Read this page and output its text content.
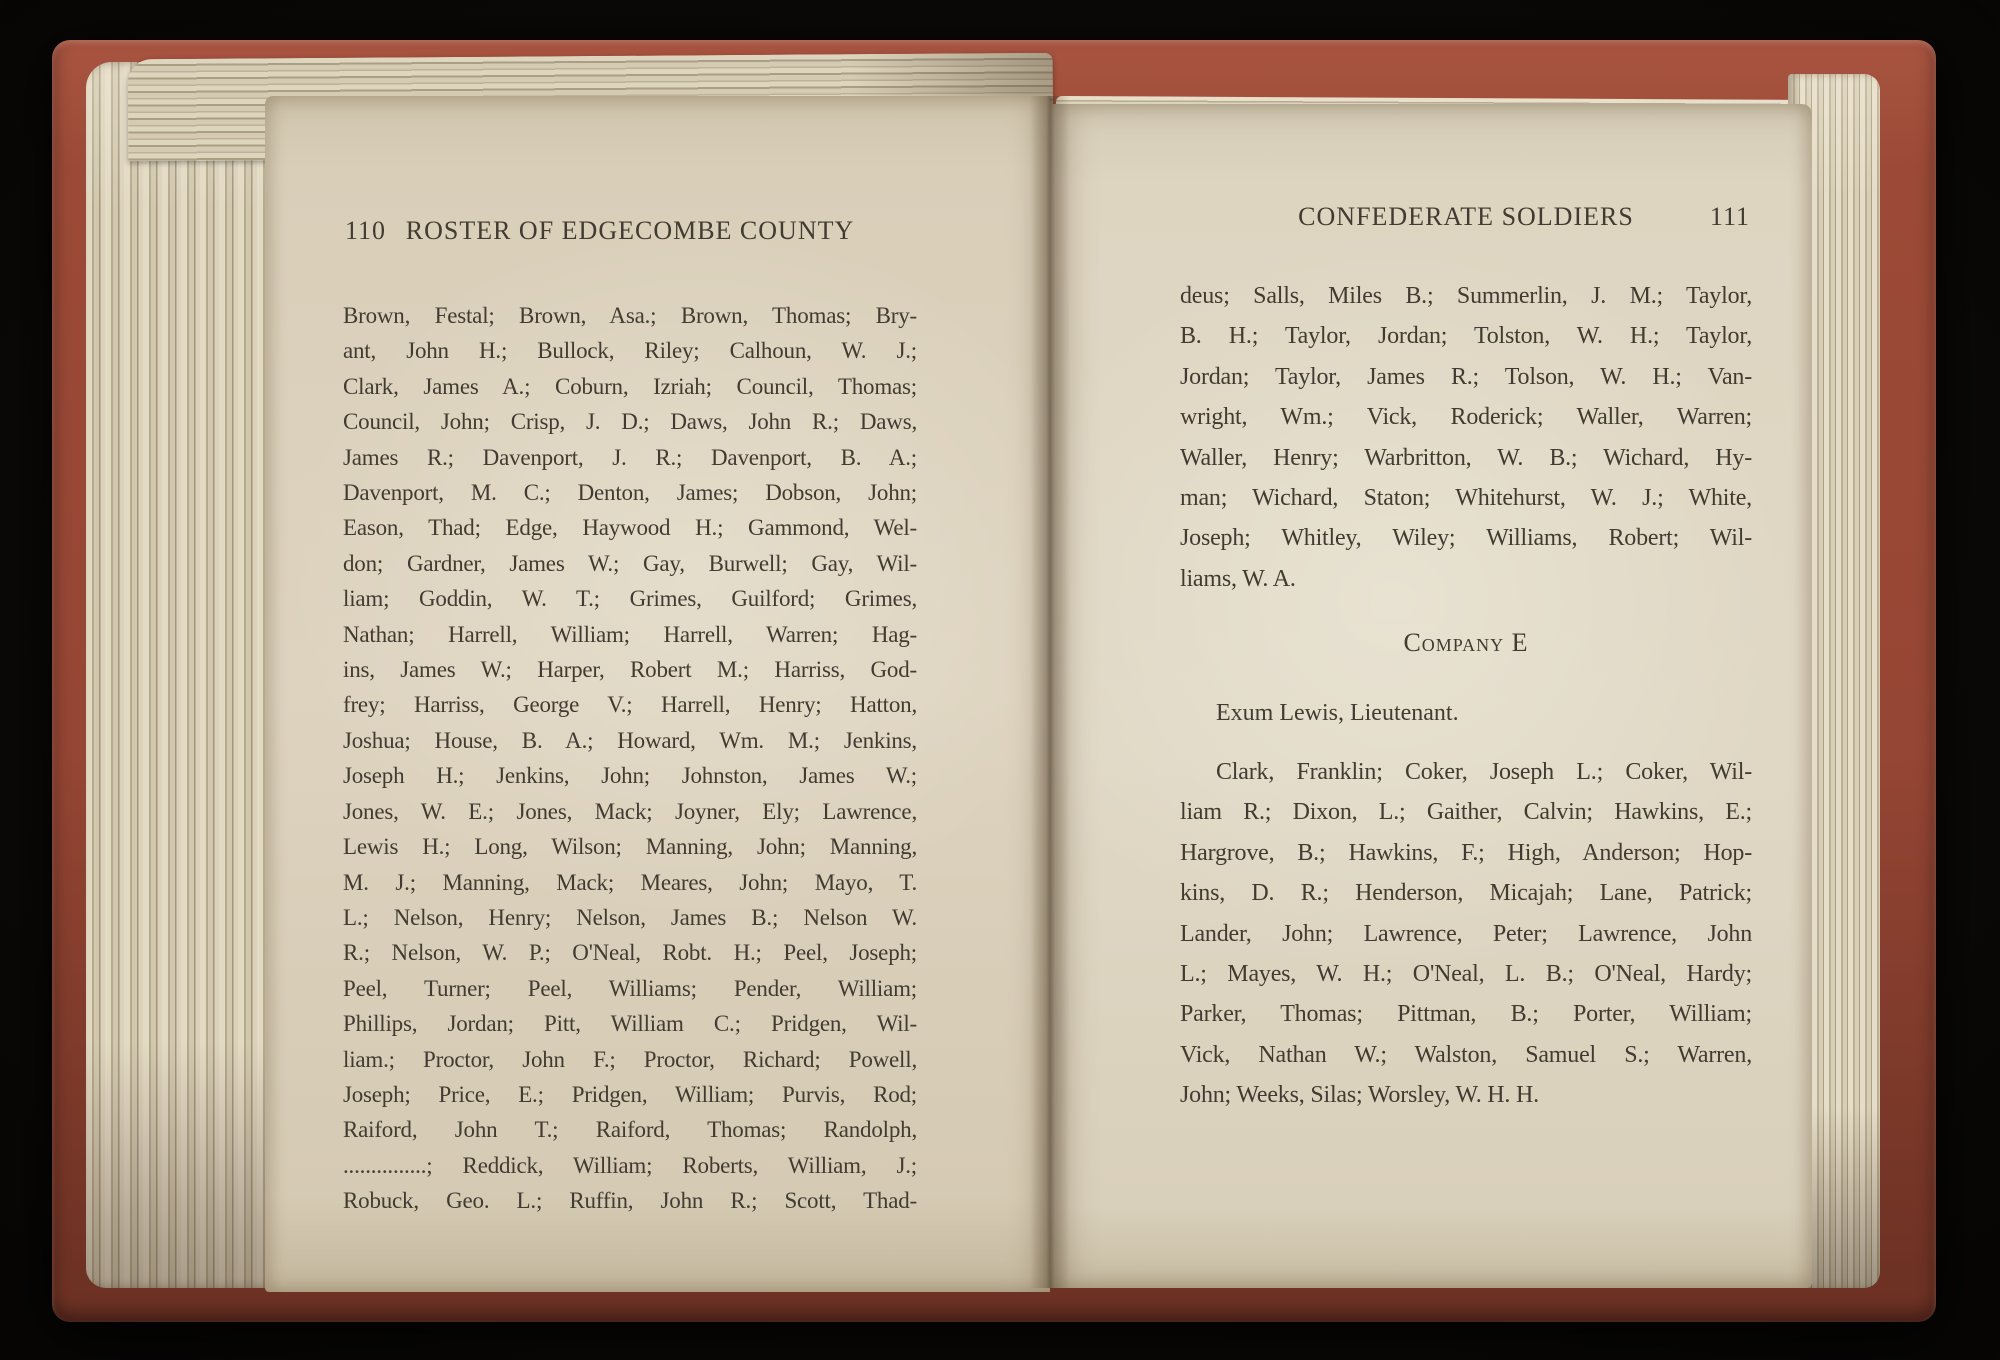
110 ROSTER OF EDGECOMBE COUNTY
Brown, Festal; Brown, Asa.; Brown, Thomas; Bry-
ant, John H.; Bullock, Riley; Calhoun, W. J.;
Clark, James A.; Coburn, Izriah; Council, Thomas;
Council, John; Crisp, J. D.; Daws, John R.; Daws,
James R.; Davenport, J. R.; Davenport, B. A.;
Davenport, M. C.; Denton, James; Dobson, John;
Eason, Thad; Edge, Haywood H.; Gammond, Wel-
don; Gardner, James W.; Gay, Burwell; Gay, Wil-
liam; Goddin, W. T.; Grimes, Guilford; Grimes,
Nathan; Harrell, William; Harrell, Warren; Hag-
ins, James W.; Harper, Robert M.; Harriss, God-
frey; Harriss, George V.; Harrell, Henry; Hatton,
Joshua; House, B. A.; Howard, Wm. M.; Jenkins,
Joseph H.; Jenkins, John; Johnston, James W.;
Jones, W. E.; Jones, Mack; Joyner, Ely; Lawrence,
Lewis H.; Long, Wilson; Manning, John; Manning,
M. J.; Manning, Mack; Meares, John; Mayo, T.
L.; Nelson, Henry; Nelson, James B.; Nelson W.
R.; Nelson, W. P.; O'Neal, Robt. H.; Peel, Joseph;
Peel, Turner; Peel, Williams; Pender, William;
Phillips, Jordan; Pitt, William C.; Pridgen, Wil-
liam.; Proctor, John F.; Proctor, Richard; Powell,
Joseph; Price, E.; Pridgen, William; Purvis, Rod;
Raiford, John T.; Raiford, Thomas; Randolph,
...............; Reddick, William; Roberts, William, J.;
Robuck, Geo. L.; Ruffin, John R.; Scott, Thad-
CONFEDERATE SOLDIERS	111
deus; Salls, Miles B.; Summerlin, J. M.; Taylor,
B. H.; Taylor, Jordan; Tolston, W. H.; Taylor,
Jordan; Taylor, James R.; Tolson, W. H.; Van-
wright, Wm.; Vick, Roderick; Waller, Warren;
Waller, Henry; Warbritton, W. B.; Wichard, Hy-
man; Wichard, Staton; Whitehurst, W. J.; White,
Joseph; Whitley, Wiley; Williams, Robert; Wil-
liams, W. A.
Company E
Exum Lewis, Lieutenant.
Clark, Franklin; Coker, Joseph L.; Coker, Wil-
liam R.; Dixon, L.; Gaither, Calvin; Hawkins, E.;
Hargrove, B.; Hawkins, F.; High, Anderson; Hop-
kins, D. R.; Henderson, Micajah; Lane, Patrick;
Lander, John; Lawrence, Peter; Lawrence, John
L.; Mayes, W. H.; O'Neal, L. B.; O'Neal, Hardy;
Parker, Thomas; Pittman, B.; Porter, William;
Vick, Nathan W.; Walston, Samuel S.; Warren,
John; Weeks, Silas; Worsley, W. H. H.
